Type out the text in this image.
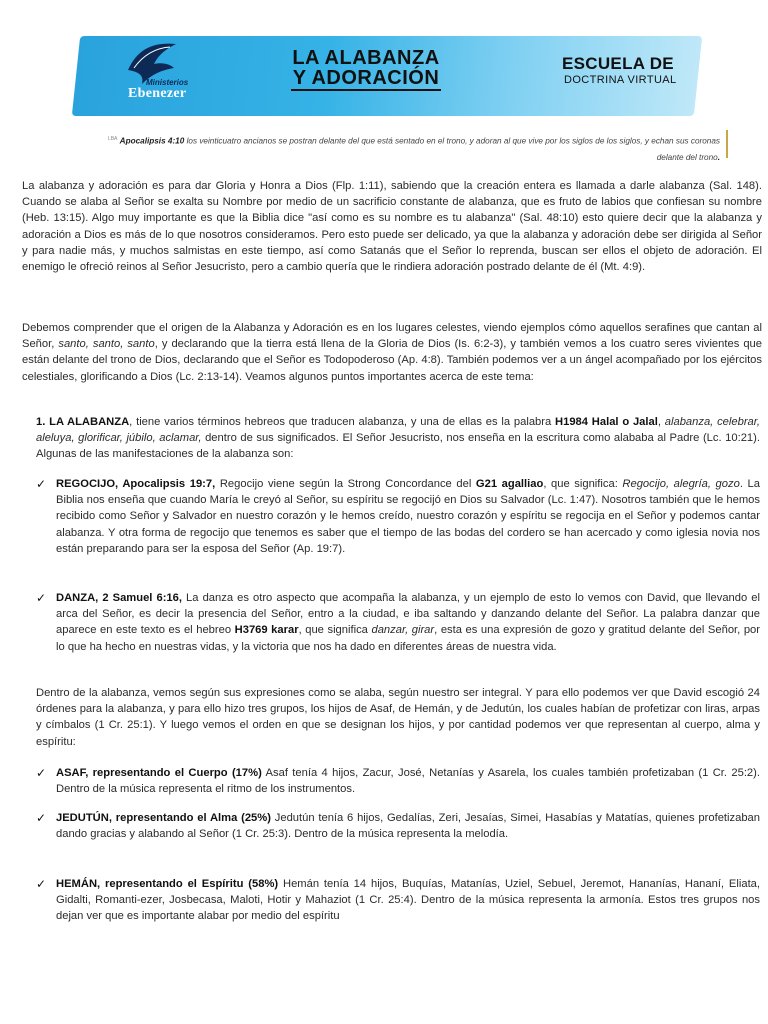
Ministerios
Ebenezer
LA ALABANZA
Y ADORACIÓN
ESCUELA DE
DOCTRINA VIRTUAL
$^{LBA}$ Apocalipsis 4:10 los veinticuatro ancianos se postran delante del que está sentado en el trono, y adoran al que vive por los siglos de los siglos, y echan sus coronas delante del trono.
La alabanza y adoración es para dar Gloria y Honra a Dios (Flp. 1:11), sabiendo que la creación entera es llamada a darle alabanza (Sal. 148). Cuando se alaba al Señor se exalta su Nombre por medio de un sacrificio constante de alabanza, que es fruto de labios que confiesan su nombre (Heb. 13:15). Algo muy importante es que la Biblia dice "así como es su nombre es tu alabanza" (Sal. 48:10) esto quiere decir que la alabanza y adoración a Dios es más de lo que nosotros consideramos. Pero esto puede ser delicado, ya que la alabanza y adoración debe ser dirigida al Señor y para nadie más, y muchos salmistas en este tiempo, así como Satanás que el Señor lo reprenda, buscan ser ellos el objeto de adoración. El enemigo le ofreció reinos al Señor Jesucristo, pero a cambio quería que le rindiera adoración postrado delante de él (Mt. 4:9).
Debemos comprender que el origen de la Alabanza y Adoración es en los lugares celestes, viendo ejemplos cómo aquellos serafines que cantan al Señor, santo, santo, santo, y declarando que la tierra está llena de la Gloria de Dios (Is. 6:2-3), y también vemos a los cuatro seres vivientes que están delante del trono de Dios, declarando que el Señor es Todopoderoso (Ap. 4:8). También podemos ver a un ángel acompañado por los ejércitos celestiales, glorificando a Dios (Lc. 2:13-14). Veamos algunos puntos importantes acerca de este tema:
1. LA ALABANZA, tiene varios términos hebreos que traducen alabanza, y una de ellas es la palabra H1984 Halal o Jalal, alabanza, celebrar, aleluya, glorificar, júbilo, aclamar, dentro de sus significados. El Señor Jesucristo, nos enseña en la escritura como alababa al Padre (Lc. 10:21). Algunas de las manifestaciones de la alabanza son:
✓ REGOCIJO, Apocalipsis 19:7, Regocijo viene según la Strong Concordance del G21 agalliao, que significa: Regocijo, alegría, gozo. La Biblia nos enseña que cuando María le creyó al Señor, su espíritu se regocijó en Dios su Salvador (Lc. 1:47). Nosotros también que le hemos recibido como Señor y Salvador en nuestro corazón y le hemos creído, nuestro corazón y espíritu se regocija en el Señor y podemos cantar alabanza. Y otra forma de regocijo que tenemos es saber que el tiempo de las bodas del cordero se han acercado y como iglesia novia nos están preparando para ser la esposa del Señor (Ap. 19:7).
✓ DANZA, 2 Samuel 6:16, La danza es otro aspecto que acompaña la alabanza, y un ejemplo de esto lo vemos con David, que llevando el arca del Señor, es decir la presencia del Señor, entro a la ciudad, e iba saltando y danzando delante del Señor. La palabra danzar que aparece en este texto es el hebreo H3769 karar, que significa danzar, girar, esta es una expresión de gozo y gratitud delante del Señor, por lo que ha hecho en nuestras vidas, y la victoria que nos ha dado en diferentes áreas de nuestra vida.
Dentro de la alabanza, vemos según sus expresiones como se alaba, según nuestro ser integral. Y para ello podemos ver que David escogió 24 órdenes para la alabanza, y para ello hizo tres grupos, los hijos de Asaf, de Hemán, y de Jedutún, los cuales habían de profetizar con liras, arpas y címbalos (1 Cr. 25:1). Y luego vemos el orden en que se designan los hijos, y por cantidad podemos ver que representan al cuerpo, alma y espíritu:
✓ ASAF, representando el Cuerpo (17%) Asaf tenía 4 hijos, Zacur, José, Netanías y Asarela, los cuales también profetizaban (1 Cr. 25:2). Dentro de la música representa el ritmo de los instrumentos.
✓ JEDUTÚN, representando el Alma (25%) Jedutún tenía 6 hijos, Gedalías, Zeri, Jesaías, Simei, Hasabías y Matatías, quienes profetizaban dando gracias y alabando al Señor (1 Cr. 25:3). Dentro de la música representa la melodía.
✓ HEMÁN, representando el Espíritu (58%) Hemán tenía 14 hijos, Buquías, Matanías, Uziel, Sebuel, Jeremot, Hananías, Hananí, Eliata, Gidalti, Romanti-ezer, Josbecasa, Maloti, Hotir y Mahaziot (1 Cr. 25:4). Dentro de la música representa la armonía. Estos tres grupos nos dejan ver que es importante alabar por medio del espíritu
